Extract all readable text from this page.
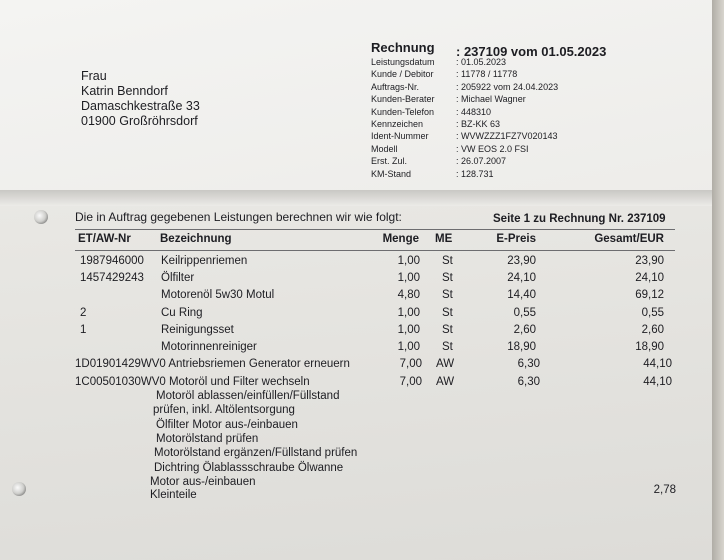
Frau
Katrin Benndorf
Damaschkestraße 33
01900 Großröhrsdorf
Rechnung : 237109 vom 01.05.2023
Leistungsdatum : 01.05.2023
Kunde / Debitor : 11778 / 11778
Auftrags-Nr.	: 205922 vom 24.04.2023
Kunden-Berater : Michael Wagner
Kunden-Telefon : 448310
Kennzeichen	: BZ-KK 63
Ident-Nummer	: WVWZZZ1FZ7V020143
Modell	: VW EOS 2.0 FSI
Erst. Zul.	: 26.07.2007
KM-Stand	: 128.731
Die in Auftrag gegebenen Leistungen berechnen wir wie folgt:	Seite 1 zu Rechnung Nr. 237109
ET/AW-Nr	Bezeichnung	Menge ME	E-Preis	Gesamt/EUR
1987946000 Keilrippenriemen	1,00 St	23,90	23,90
1457429243 Ölfilter	1,00 St	24,10	24,10
Motorenöl 5w30 Motul	4,80 St	14,40	69,12
2	Cu Ring	1,00 St	0,55	0,55
1	Reinigungsset	1,00 St	2,60	2,60
Motorinnenreiniger	1,00 St	18,90	18,90
1D01901429WV0 Antriebsriemen Generator erneuern	7,00 AW	6,30	44,10
1C00501030WV0 Motoröl und Filter wechseln	7,00 AW	6,30	44,10
Motoröl ablassen/einfüllen/Füllstand
prüfen, inkl. Altölentsorgung
Ölfilter Motor aus-/einbauen
Motorölstand prüfen
Motorölstand ergänzen/Füllstand prüfen
Dichtring Ölablassschraube Ölwanne
Motor aus-/einbauen
Kleinteile	2,78
